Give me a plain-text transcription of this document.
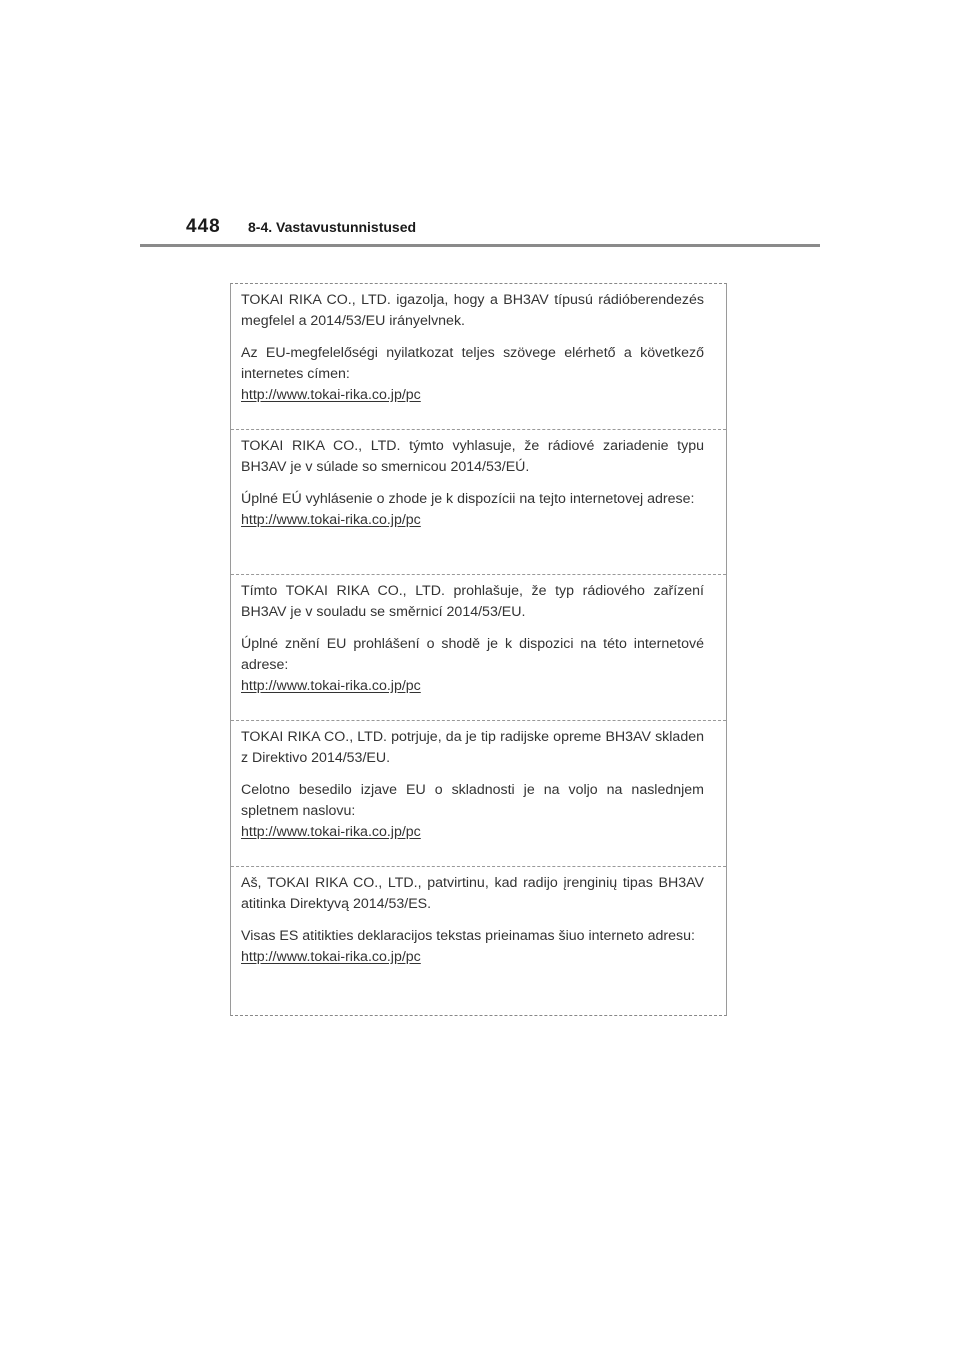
448 8-4. Vastavustunnistused

TOKAI RIKA CO., LTD. igazolja, hogy a BH3AV típusú rádióberendezés megfelel a 2014/53/EU irányelvnek.

Az EU-megfelelőségi nyilatkozat teljes szövege elérhető a következő internetes címen:

http://www.tokai-rika.co.jp/pc

TOKAI RIKA CO., LTD. týmto vyhlasuje, že rádiové zariadenie typu BH3AV je v súlade so smernicou 2014/53/EÚ.

Úplné EÚ vyhlásenie o zhode je k dispozícii na tejto internetovej adrese:

http://www.tokai-rika.co.jp/pc

Tímto TOKAI RIKA CO., LTD. prohlašuje, že typ rádiového zařízení BH3AV je v souladu se směrnicí 2014/53/EU.

Úplné znění EU prohlášení o shodě je k dispozici na této internetové adrese:

http://www.tokai-rika.co.jp/pc

TOKAI RIKA CO., LTD. potrjuje, da je tip radijske opreme BH3AV skladen z Direktivo 2014/53/EU.

Celotno besedilo izjave EU o skladnosti je na voljo na naslednjem spletnem naslovu:

http://www.tokai-rika.co.jp/pc

Aš, TOKAI RIKA CO., LTD., patvirtinu, kad radijo įrenginių tipas BH3AV atitinka Direktyvą 2014/53/ES.

Visas ES atitikties deklaracijos tekstas prieinamas šiuo interneto adresu:

http://www.tokai-rika.co.jp/pc
